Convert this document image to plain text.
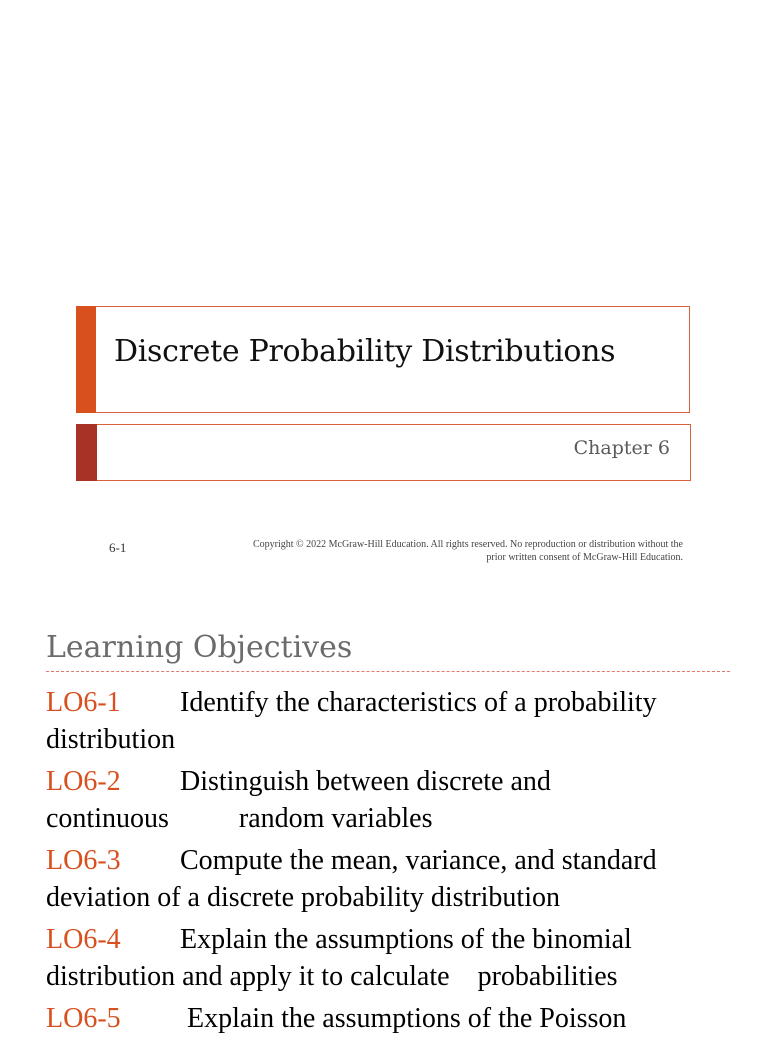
Discrete Probability Distributions
Chapter 6
6-1	Copyright © 2022 McGraw-Hill Education. All rights reserved. No reproduction or distribution without the
prior written consent of McGraw-Hill Education.
Learning Objectives
LO6-1 Identify the characteristics of a probability distribution
LO6-2 Distinguish between discrete and continuous          random variables
LO6-3 Compute the mean, variance, and standard deviation of a discrete probability distribution
LO6-4 Explain the assumptions of the binomial distribution and apply it to calculate    probabilities
LO6-5 Explain the assumptions of the Poisson
